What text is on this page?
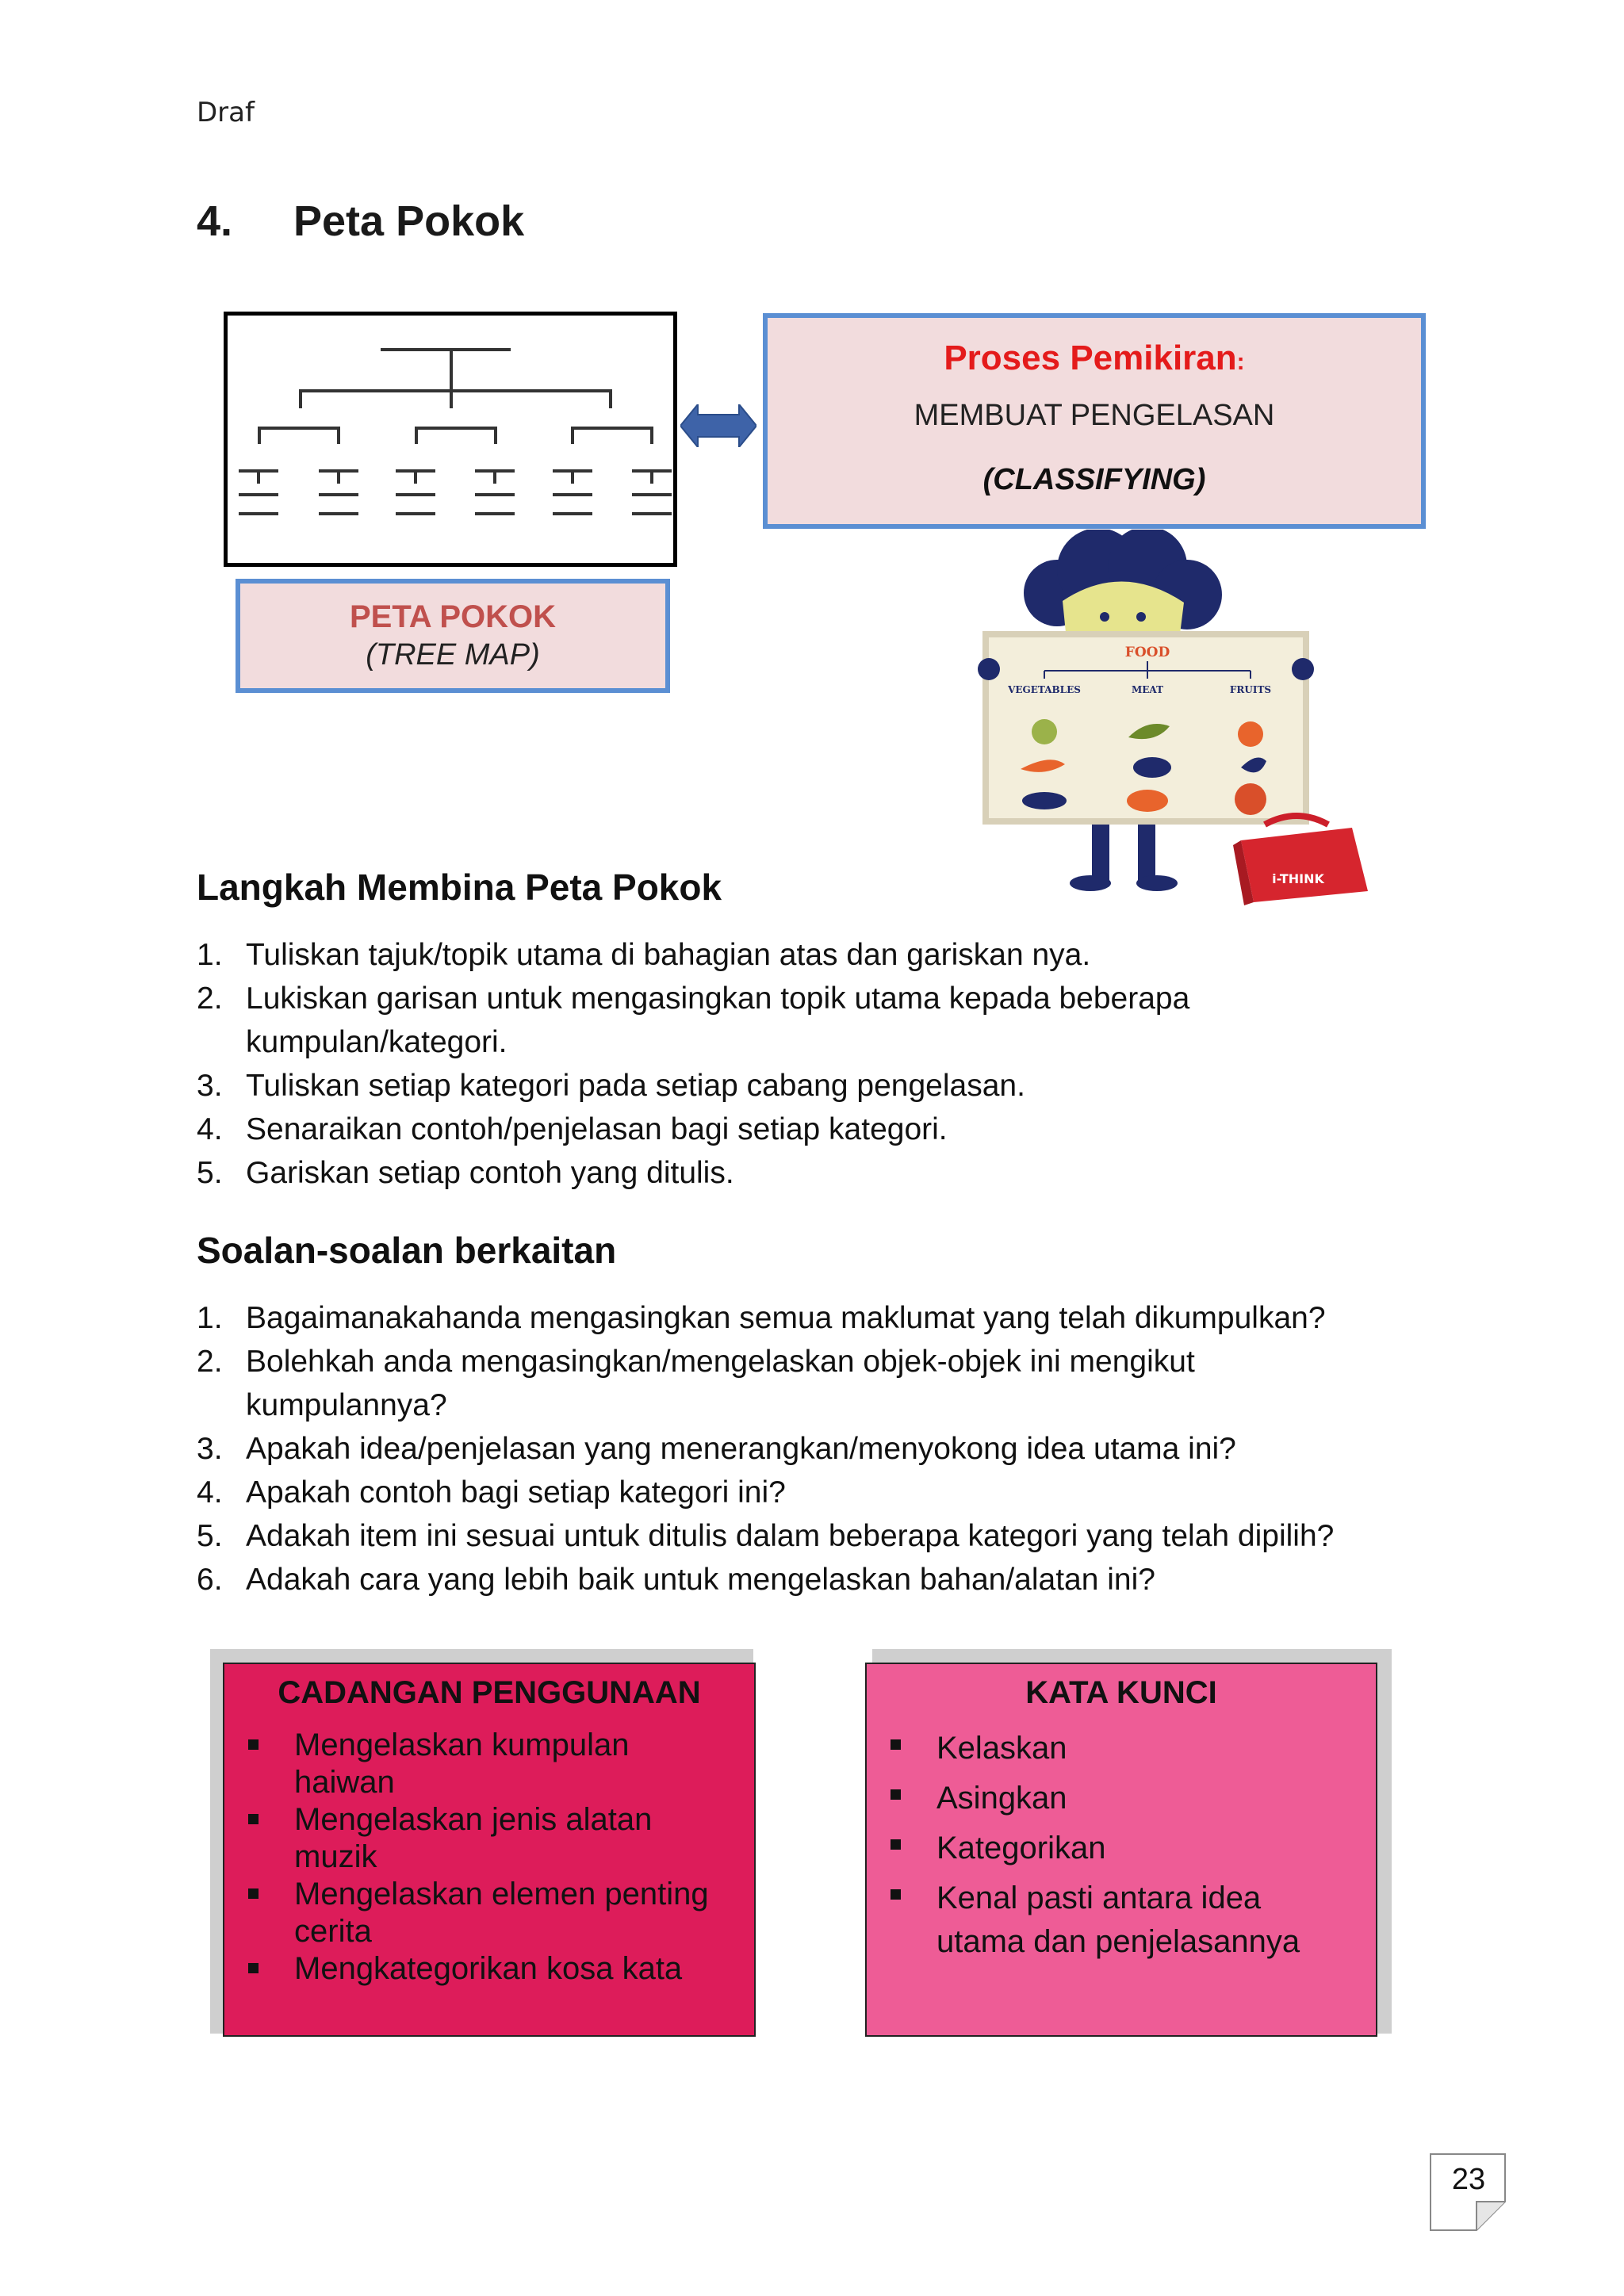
Draf
4. Peta Pokok
Proses Pemikiran:
MEMBUAT PENGELASAN
(CLASSIFYING)
PETA POKOK
(TREE MAP)	FOOD
VEGETABLES	MEAT	FRUITS
i-THINK
Langkah Membina Peta Pokok
1. Tuliskan tajuk/topik utama di bahagian atas dan gariskan nya.
2. Lukiskan garisan untuk mengasingkan topik utama kepada beberapa
kumpulan/kategori.
3. Tuliskan setiap kategori pada setiap cabang pengelasan.
4. Senaraikan contoh/penjelasan bagi setiap kategori.
5. Gariskan setiap contoh yang ditulis.
Soalan-soalan berkaitan
1. Bagaimanakahanda mengasingkan semua maklumat yang telah dikumpulkan?
2. Bolehkah anda mengasingkan/mengelaskan objek-objek ini mengikut
kumpulannya?
3. Apakah idea/penjelasan yang menerangkan/menyokong idea utama ini?
4. Apakah contoh bagi setiap kategori ini?
5. Adakah item ini sesuai untuk ditulis dalam beberapa kategori yang telah dipilih?
6. Adakah cara yang lebih baik untuk mengelaskan bahan/alatan ini?
CADANGAN PENGGUNAAN
Mengelaskan kumpulan
haiwan
Mengelaskan jenis alatan
muzik
Mengelaskan elemen penting
cerita
Mengkategorikan kosa kata
KATA KUNCI
Kelaskan
Asingkan
Kategorikan
Kenal pasti antara idea
utama dan penjelasannya
23
